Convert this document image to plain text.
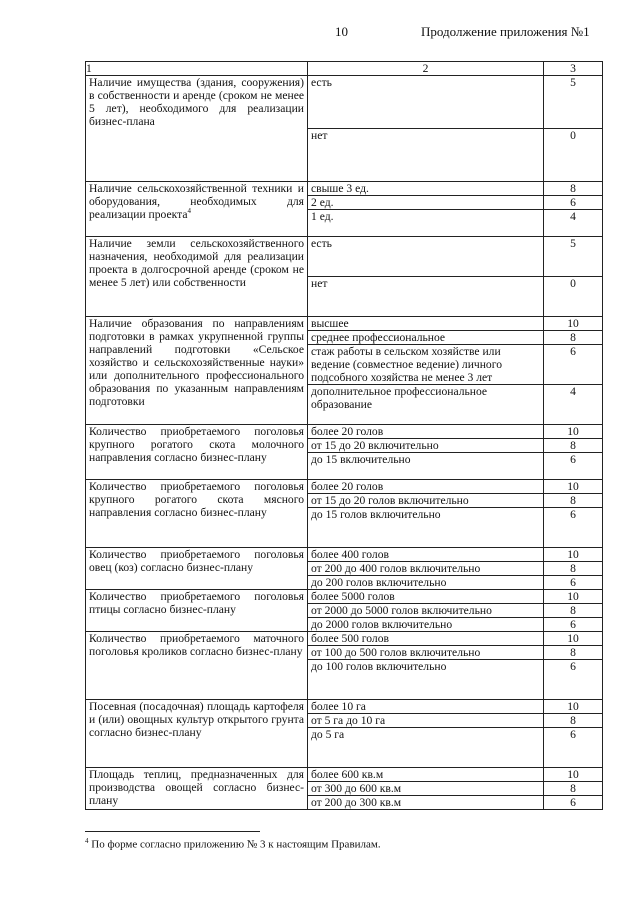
10	Продолжение приложения №1
1	2	3
Наличие имущества (здания, сооружения) в собственности и аренде (сроком не менее 5 лет), необходимого для реализации бизнес-плана	есть	5
	нет	0
Наличие сельскохозяйственной техники и оборудования, необходимых для реализации проекта$^4$	свыше 3 ед.	8
	2 ед.	6
	1 ед.	4
Наличие земли сельскохозяйственного назначения, необходимой для реализации проекта в долгосрочной аренде (сроком не менее 5 лет) или собственности	есть	5
	нет	0
Наличие образования по направлениям подготовки в рамках укрупненной группы направлений подготовки «Сельское хозяйство и сельскохозяйственные науки» или дополнительного профессионального образования по указанным направлениям подготовки	высшее	10
	среднее профессиональное	8
	стаж работы в сельском хозяйстве или ведение (совместное ведение) личного подсобного хозяйства не менее 3 лет	6
	дополнительное профессиональное образование	4
Количество приобретаемого поголовья крупного рогатого скота молочного направления согласно бизнес-плану	более 20 голов	10
	от 15 до 20 включительно	8
	до 15 включительно	6
Количество приобретаемого поголовья крупного рогатого скота мясного направления согласно бизнес-плану	более 20 голов	10
	от 15 до 20 голов включительно	8
	до 15 голов включительно	6
Количество приобретаемого поголовья овец (коз) согласно бизнес-плану	более 400 голов	10
	от 200 до 400 голов включительно	8
	до 200 голов включительно	6
Количество приобретаемого поголовья птицы согласно бизнес-плану	более 5000 голов	10
	от 2000 до 5000 голов включительно	8
	до 2000 голов включительно	6
Количество приобретаемого маточного поголовья кроликов согласно бизнес-плану	более 500 голов	10
	от 100 до 500 голов включительно	8
	до 100 голов включительно	6
Посевная (посадочная) площадь картофеля и (или) овощных культур открытого грунта согласно бизнес-плану	более 10 га	10
	от 5 га до 10 га	8
	до 5 га	6
Площадь теплиц, предназначенных для производства овощей согласно бизнес-плану	более 600 кв.м	10
	от 300 до 600 кв.м	8
	от 200 до 300 кв.м	6
$^4$ По форме согласно приложению № 3 к настоящим Правилам.
